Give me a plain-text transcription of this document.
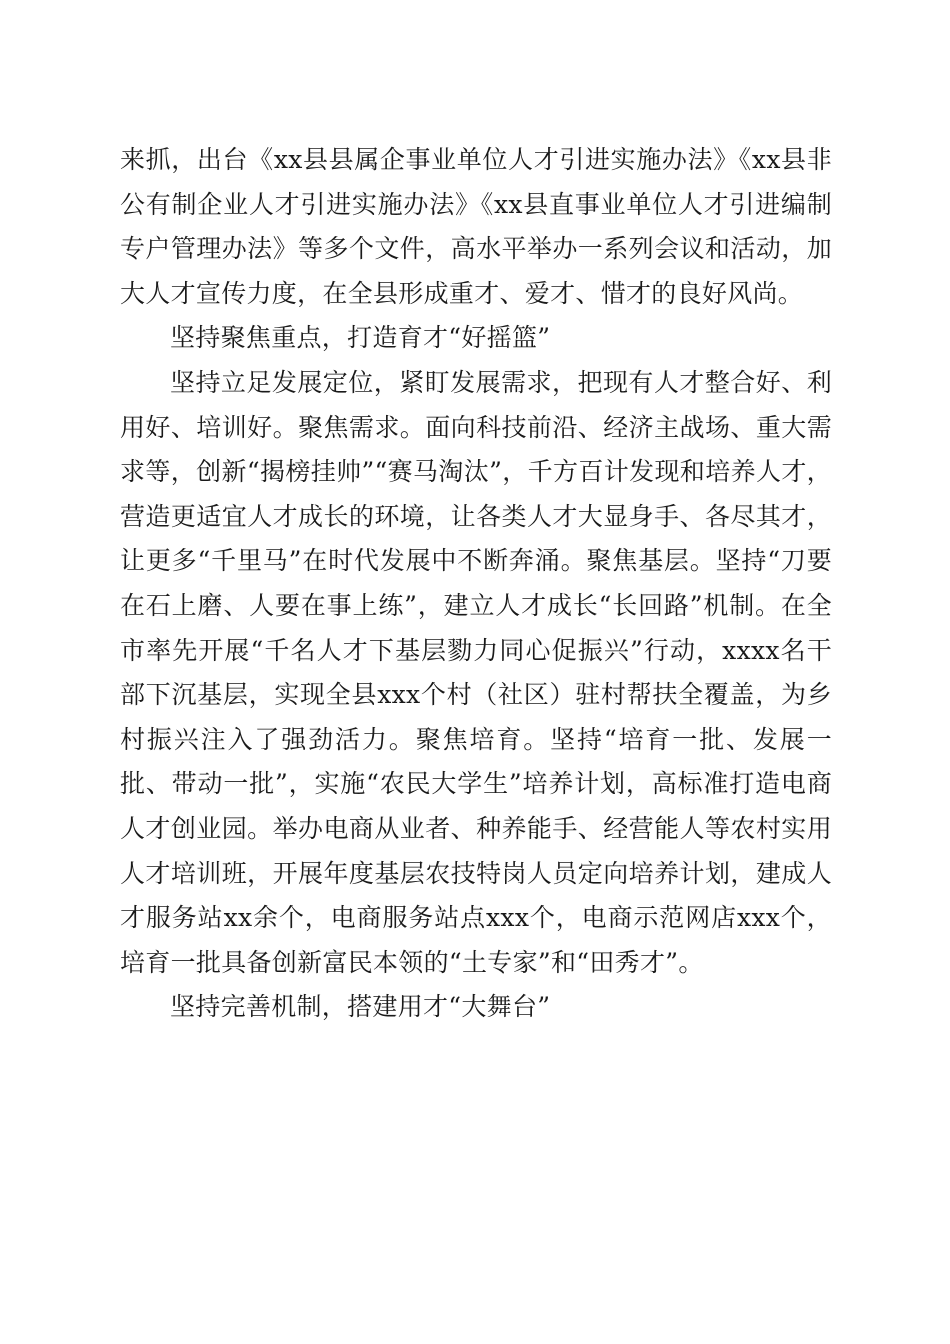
来抓，出台《xx县县属企事业单位人才引进实施办法》《xx县非公有制企业人才引进实施办法》《xx县直事业单位人才引进编制专户管理办法》等多个文件，高水平举办一系列会议和活动，加大人才宣传力度，在全县形成重才、爱才、惜才的良好风尚。

坚持聚焦重点，打造育才“好摇篮”

坚持立足发展定位，紧盯发展需求，把现有人才整合好、利用好、培训好。聚焦需求。面向科技前沿、经济主战场、重大需求等，创新“揭榜挂帅”“赛马淘汰”，千方百计发现和培养人才，营造更适宜人才成长的环境，让各类人才大显身手、各尽其才，让更多“千里马”在时代发展中不断奔涌。聚焦基层。坚持“刀要在石上磨、人要在事上练”，建立人才成长“长回路”机制。在全市率先开展“千名人才下基层勠力同心促振兴”行动，xxxx名干部下沉基层，实现全县xxx个村（社区）驻村帮扶全覆盖，为乡村振兴注入了强劲活力。聚焦培育。坚持“培育一批、发展一批、带动一批”，实施“农民大学生”培养计划，高标准打造电商人才创业园。举办电商从业者、种养能手、经营能人等农村实用人才培训班，开展年度基层农技特岗人员定向培养计划，建成人才服务站xx余个，电商服务站点xxx个，电商示范网店xxx个，培育一批具备创新富民本领的“土专家”和“田秀才”。

坚持完善机制，搭建用才“大舞台”
